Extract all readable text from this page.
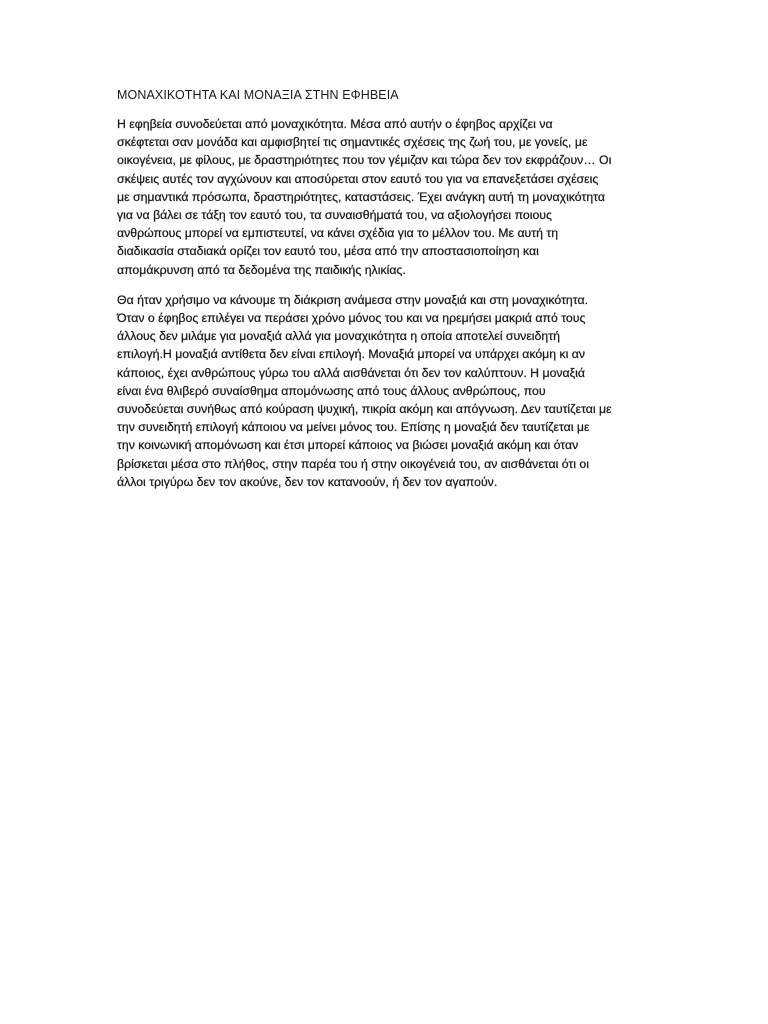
ΜΟΝΑΧΙΚΟΤΗΤΑ ΚΑΙ ΜΟΝΑΞΙΑ ΣΤΗΝ ΕΦΗΒΕΙΑ

Η εφηβεία συνοδεύεται από μοναχικότητα. Μέσα από αυτήν ο έφηβος αρχίζει να
σκέφτεται σαν μονάδα και αμφισβητεί τις σημαντικές σχέσεις της ζωή του, με γονείς, με
οικογένεια, με φίλους, με δραστηριότητες που τον γέμιζαν και τώρα δεν τον εκφράζουν… Οι
σκέψεις αυτές τον αγχώνουν και αποσύρεται στον εαυτό του για να επανεξετάσει σχέσεις
με σημαντικά πρόσωπα, δραστηριότητες, καταστάσεις. Έχει ανάγκη αυτή τη μοναχικότητα
για να βάλει σε τάξη τον εαυτό του, τα συναισθήματά του, να αξιολογήσει ποιους
ανθρώπους μπορεί να εμπιστευτεί, να κάνει σχέδια για το μέλλον του. Με αυτή τη
διαδικασία σταδιακά ορίζει τον εαυτό του, μέσα από την αποστασιοποίηση και
απομάκρυνση από τα δεδομένα της παιδικής ηλικίας.

Θα ήταν χρήσιμο να κάνουμε τη διάκριση ανάμεσα στην μοναξιά και στη μοναχικότητα.
Όταν ο έφηβος επιλέγει να περάσει χρόνο μόνος του και να ηρεμήσει μακριά από τους
άλλους δεν μιλάμε για μοναξιά αλλά για μοναχικότητα η οποία αποτελεί συνειδητή
επιλογή.Η μοναξιά αντίθετα δεν είναι επιλογή. Μοναξιά μπορεί να υπάρχει ακόμη κι αν
κάποιος, έχει ανθρώπους γύρω του αλλά αισθάνεται ότι δεν τον καλύπτουν. Η μοναξιά
είναι ένα θλιβερό συναίσθημα απομόνωσης από τους άλλους ανθρώπους, που
συνοδεύεται συνήθως από κούραση ψυχική, πικρία ακόμη και απόγνωση. Δεν ταυτίζεται με
την συνειδητή επιλογή κάποιου να μείνει μόνος του. Επίσης η μοναξιά δεν ταυτίζεται με
την κοινωνική απομόνωση και έτσι μπορεί κάποιος να βιώσει μοναξιά ακόμη και όταν
βρίσκεται μέσα στο πλήθος, στην παρέα του ή στην οικογένειά του, αν αισθάνεται ότι οι
άλλοι τριγύρω δεν τον ακούνε, δεν τον κατανοούν, ή δεν τον αγαπούν.
